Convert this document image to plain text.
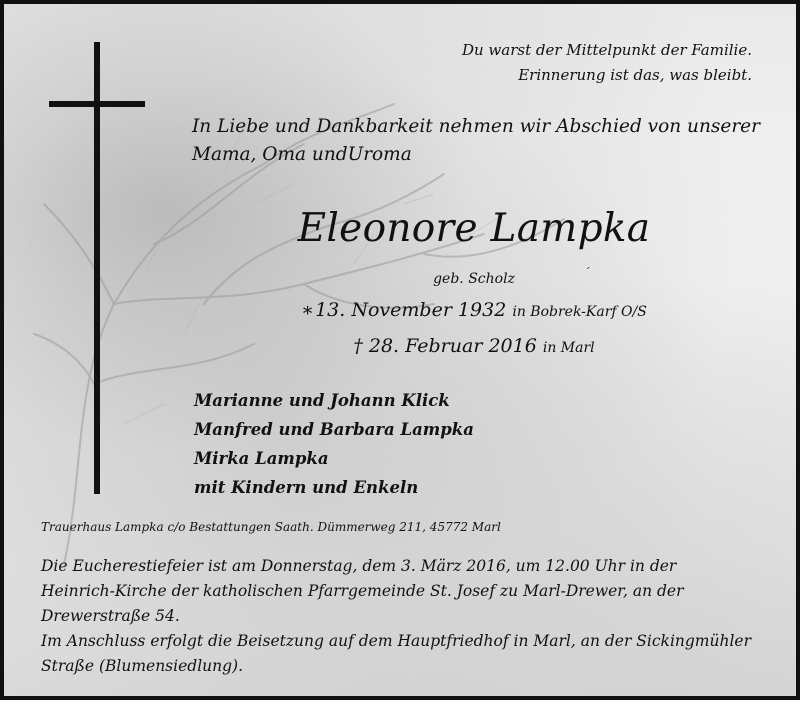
Du warst der Mittelpunkt der Familie.
Erinnerung ist das, was bleibt.
In Liebe und Dankbarkeit nehmen wir Abschied von unserer
Mama, Oma undUroma
Eleonore Lampka
geb. Scholz	´
∗13. November 1932 in Bobrek-Karf O/S
† 28. Februar 2016 in Marl
Marianne und Johann Klick
Manfred und Barbara Lampka
Mirka Lampka
mit Kindern und Enkeln
Trauerhaus Lampka c/o Bestattungen Saath. Dümmerweg 211, 45772 Marl

Die Eucherestiefeier ist am Donnerstag, dem 3. März 2016, um 12.00 Uhr in der

Heinrich-Kirche der katholischen Pfarrgemeinde St. Josef zu Marl-Drewer, an der

Drewerstraße 54.

Im Anschluss erfolgt die Beisetzung auf dem Hauptfriedhof in Marl, an der Sickingmühler

Straße (Blumensiedlung).
